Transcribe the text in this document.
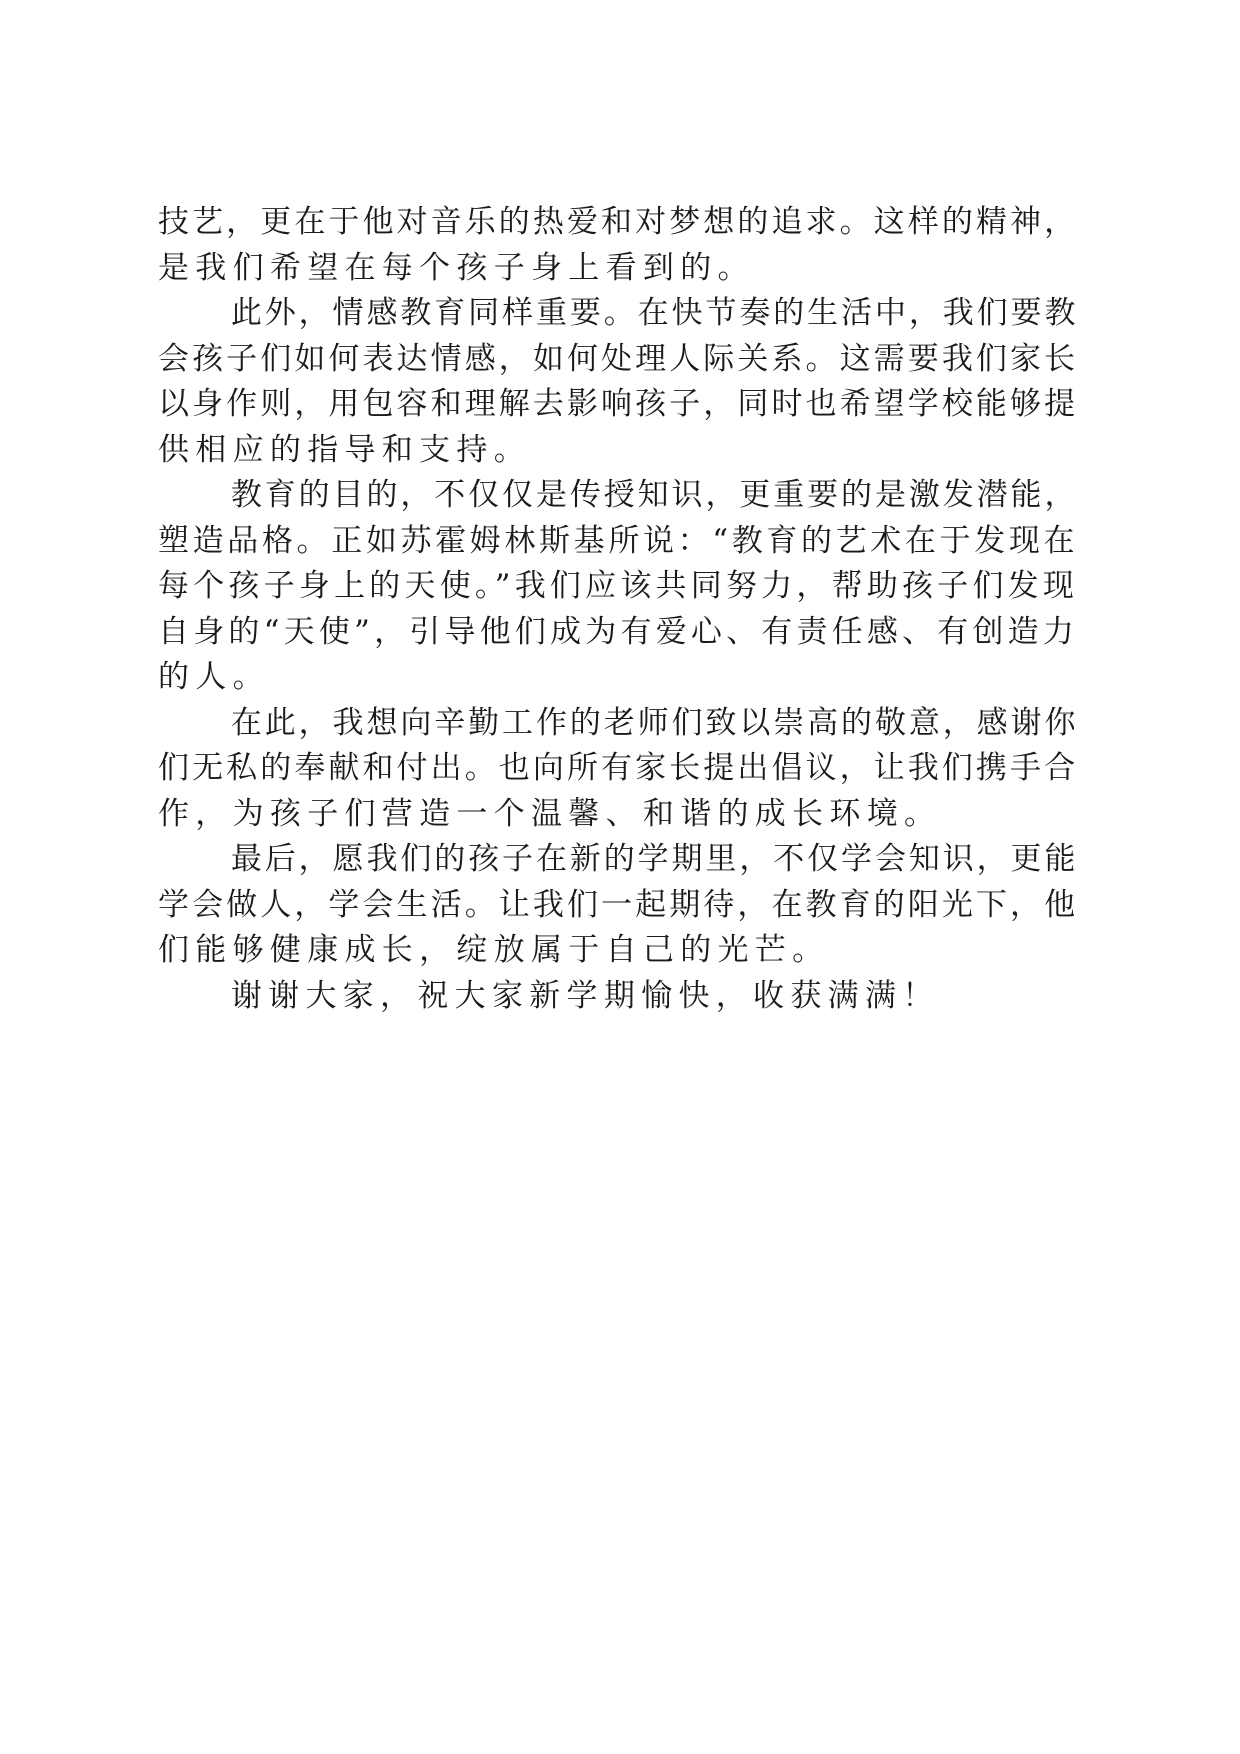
技艺，更在于他对音乐的热爱和对梦想的追求。这样的精神，
是我们希望在每个孩子身上看到的。

此外，情感教育同样重要。在快节奏的生活中，我们要教
会孩子们如何表达情感，如何处理人际关系。这需要我们家长
以身作则，用包容和理解去影响孩子，同时也希望学校能够提
供相应的指导和支持。

教育的目的，不仅仅是传授知识，更重要的是激发潜能，
塑造品格。正如苏霍姆林斯基所说：“教育的艺术在于发现在
每个孩子身上的天使。”我们应该共同努力，帮助孩子们发现
自身的“天使”，引导他们成为有爱心、有责任感、有创造力
的人。

在此，我想向辛勤工作的老师们致以崇高的敬意，感谢你
们无私的奉献和付出。也向所有家长提出倡议，让我们携手合
作，为孩子们营造一个温馨、和谐的成长环境。

最后，愿我们的孩子在新的学期里，不仅学会知识，更能
学会做人，学会生活。让我们一起期待，在教育的阳光下，他
们能够健康成长，绽放属于自己的光芒。

谢谢大家，祝大家新学期愉快，收获满满！
